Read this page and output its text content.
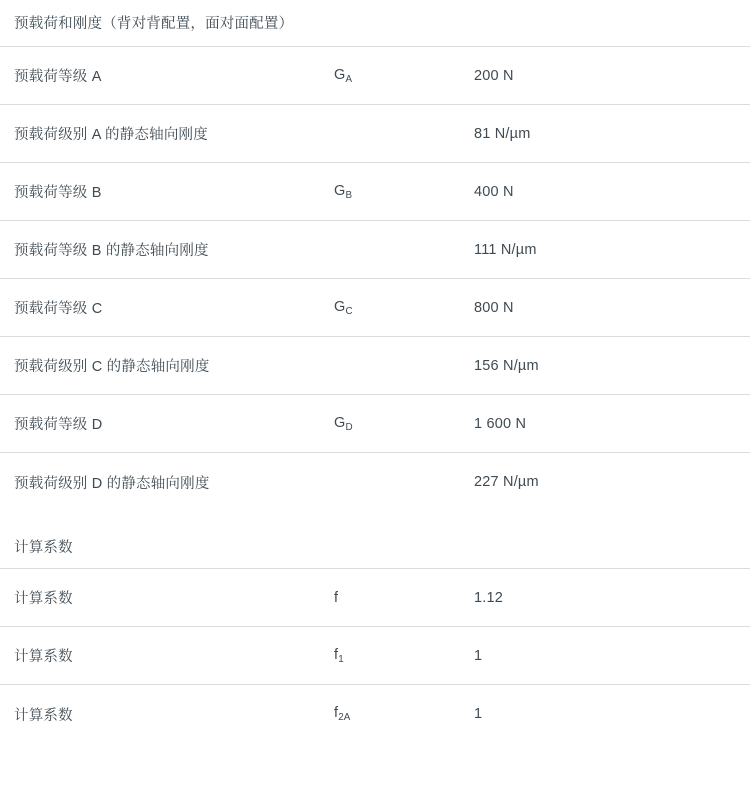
预载荷和刚度（背对背配置，面对面配置）
预载荷等级 A	$G_A$	200 N
预载荷级别 A 的静态轴向刚度		81 N/µm
预载荷等级 B	$G_B$	400 N
预载荷等级 B 的静态轴向刚度		111 N/µm
预载荷等级 C	$G_C$	800 N
预载荷级别 C 的静态轴向刚度		156 N/µm
预载荷等级 D	$G_D$	1 600 N
预载荷级别 D 的静态轴向刚度		227 N/µm
计算系数		
计算系数	f	1.12
计算系数	$f_1$	1
计算系数	$f_{2A}$	1
